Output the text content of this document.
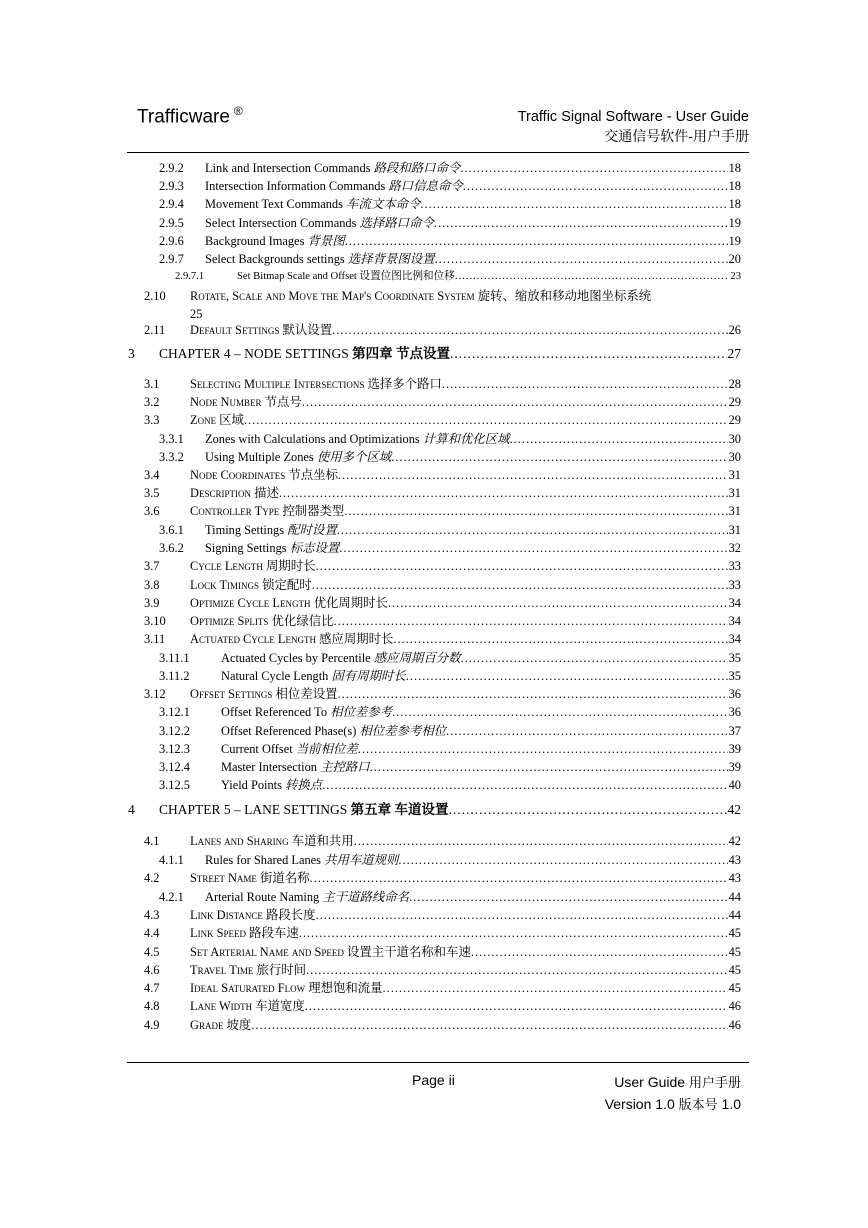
Trafficware ®	Traffic Signal Software - User Guide
交通信号软件-用户手册
2.9.2 Link and Intersection Commands 路段和路口命令 .....	18
2.9.3 Intersection Information Commands 路口信息命令 .....	18
2.9.4 Movement Text Commands 车流文本命令 .....	18
2.9.5 Select Intersection Commands 选择路口命令 .....	19
2.9.6 Background Images 背景图 .....	19
2.9.7 Select Backgrounds settings 选择背景图设置 .....	20
2.9.7.1	Set Bitmap Scale and Offset 设置位图比例和位移 .....	23
2.10 Rotate, Scale and Move the Map's Coordinate System 旋转、缩放和移动地图坐标系统
25
2.11 Default Settings 默认设置 .....	26
3 CHAPTER 4 – NODE SETTINGS 第四章 节点设置 .....	27
3.1 Selecting Multiple Intersections 选择多个路口 .....	28
3.2 Node Number 节点号 .....	29
3.3 Zone 区域 .....	29
3.3.1 Zones with Calculations and Optimizations 计算和优化区域 .....	30
3.3.2 Using Multiple Zones 使用多个区域 .....	30
3.4 Node Coordinates 节点坐标 .....	31
3.5 Description 描述 .....	31
3.6 Controller Type 控制器类型 .....	31
3.6.1 Timing Settings 配时设置 .....	31
3.6.2 Signing Settings 标志设置 .....	32
3.7 Cycle Length 周期时长 .....	33
3.8 Lock Timings 锁定配时 .....	33
3.9 Optimize Cycle Length 优化周期时长 .....	34
3.10 Optimize Splits 优化绿信比 .....	34
3.11 Actuated Cycle Length 感应周期时长 .....	34
3.11.1	Actuated Cycles by Percentile 感应周期百分数 .....	35
3.11.2	Natural Cycle Length 固有周期时长 .....	35
3.12 Offset Settings 相位差设置 .....	36
3.12.1	Offset Referenced To 相位差参考 .....	36
3.12.2	Offset Referenced Phase(s) 相位差参考相位 .....	37
3.12.3	Current Offset 当前相位差 .....	39
3.12.4	Master Intersection 主控路口 .....	39
3.12.5	Yield Points 转换点 .....	40
4 CHAPTER 5 – LANE SETTINGS 第五章 车道设置 .....	42
4.1 Lanes and Sharing 车道和共用 .....	42
4.1.1 Rules for Shared Lanes 共用车道规则 .....	43
4.2 Street Name 街道名称 .....	43
4.2.1 Arterial Route Naming 主干道路线命名 .....	44
4.3 Link Distance 路段长度 .....	44
4.4 Link Speed 路段车速 .....	45
4.5 Set Arterial Name and Speed 设置主干道名称和车速 .....	45
4.6 Travel Time 旅行时间 .....	45
4.7 Ideal Saturated Flow 理想饱和流量 .....	45
4.8 Lane Width 车道宽度 .....	46
4.9 Grade 坡度 .....	46
Page ii	User Guide 用户手册
Version 1.0 版本号 1.0
